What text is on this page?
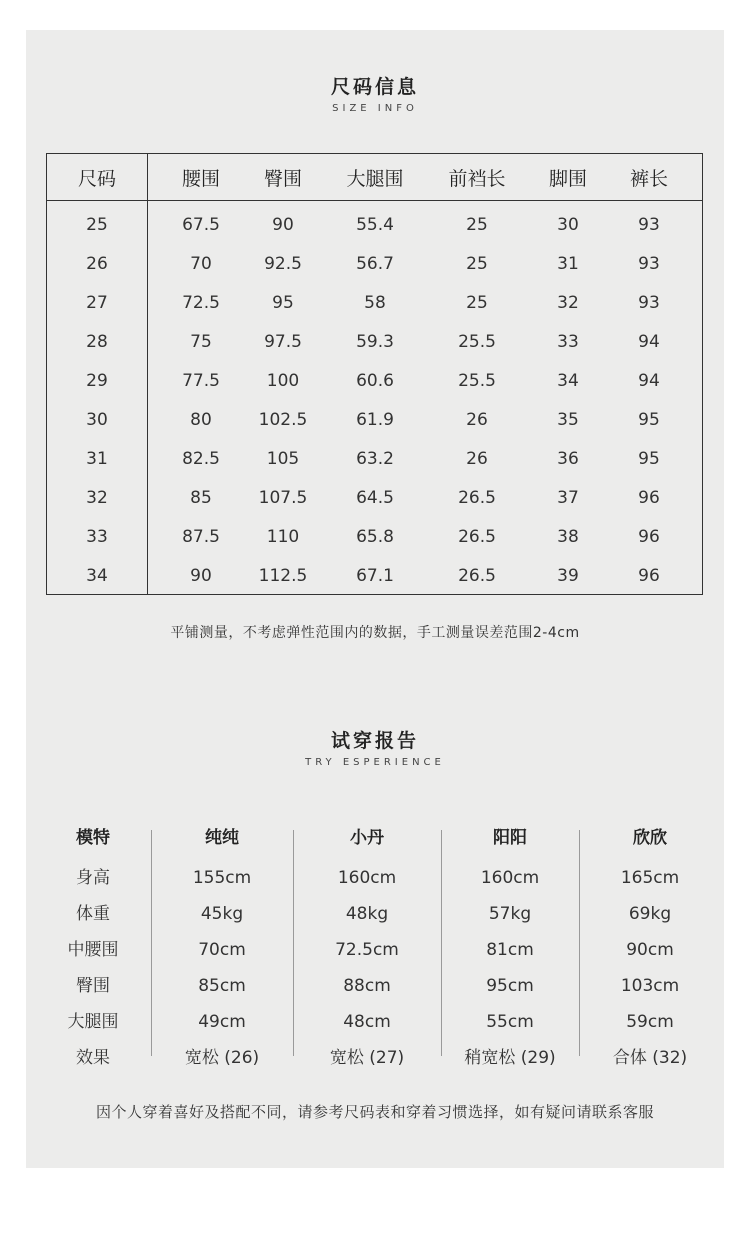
尺码信息
SIZE INFO
尺码	腰围	臀围	大腿围	前裆长	脚围	裤长
25	67.5	90	55.4	25	30	93
26	70	92.5	56.7	25	31	93
27	72.5	95	58	25	32	93
28	75	97.5	59.3	25.5	33	94
29	77.5	100	60.6	25.5	34	94
30	80	102.5	61.9	26	35	95
31	82.5	105	63.2	26	36	95
32	85	107.5	64.5	26.5	37	96
33	87.5	110	65.8	26.5	38	96
34	90	112.5	67.1	26.5	39	96
平铺测量，不考虑弹性范围内的数据，手工测量误差范围2-4cm
试穿报告
TRY ESPERIENCE
模特	纯纯	小丹	阳阳	欣欣
身高	155cm	160cm	160cm	165cm
体重	45kg	48kg	57kg	69kg
中腰围	70cm	72.5cm	81cm	90cm
臀围	85cm	88cm	95cm	103cm
大腿围	49cm	48cm	55cm	59cm
效果	宽松 (26)	宽松 (27)	稍宽松 (29)	合体 (32)
因个人穿着喜好及搭配不同，请参考尺码表和穿着习惯选择，如有疑问请联系客服
